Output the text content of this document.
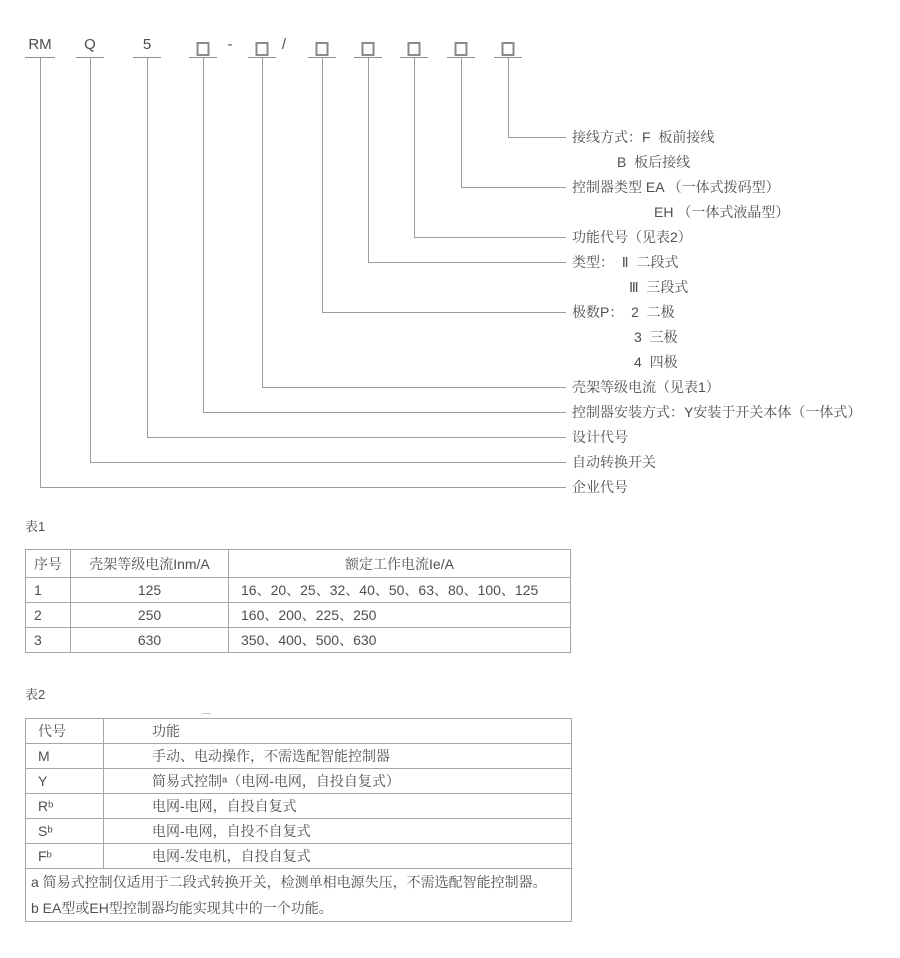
RM Q	5	-	/
接线方式：F  板前接线
B  板后接线
控制器类型 EA （一体式拨码型）
EH （一体式液晶型）
功能代号（见表2）
类型：  Ⅱ  二段式
Ⅲ  三段式
极数P：  2  二极
3  三极
4  四极
壳架等级电流（见表1）
控制器安装方式：Y安装于开关本体（一体式）
设计代号
自动转换开关
企业代号
表1
序号	壳架等级电流Inm/A	额定工作电流Ie/A
1	125	16、20、25、32、40、50、63、80、100、125
2	250	160、200、225、250
3	630	350、400、500、630
表2
代号	功能
M	手动、电动操作，不需选配智能控制器
Y	简易式控制ᵃ（电网-电网，自投自复式）
Rᵇ	电网-电网，自投自复式
Sᵇ	电网-电网，自投不自复式
Fᵇ	电网-发电机，自投自复式

a 简易式控制仅适用于二段式转换开关，检测单相电源失压，不需选配智能控制器。
b EA型或EH型控制器均能实现其中的一个功能。	
